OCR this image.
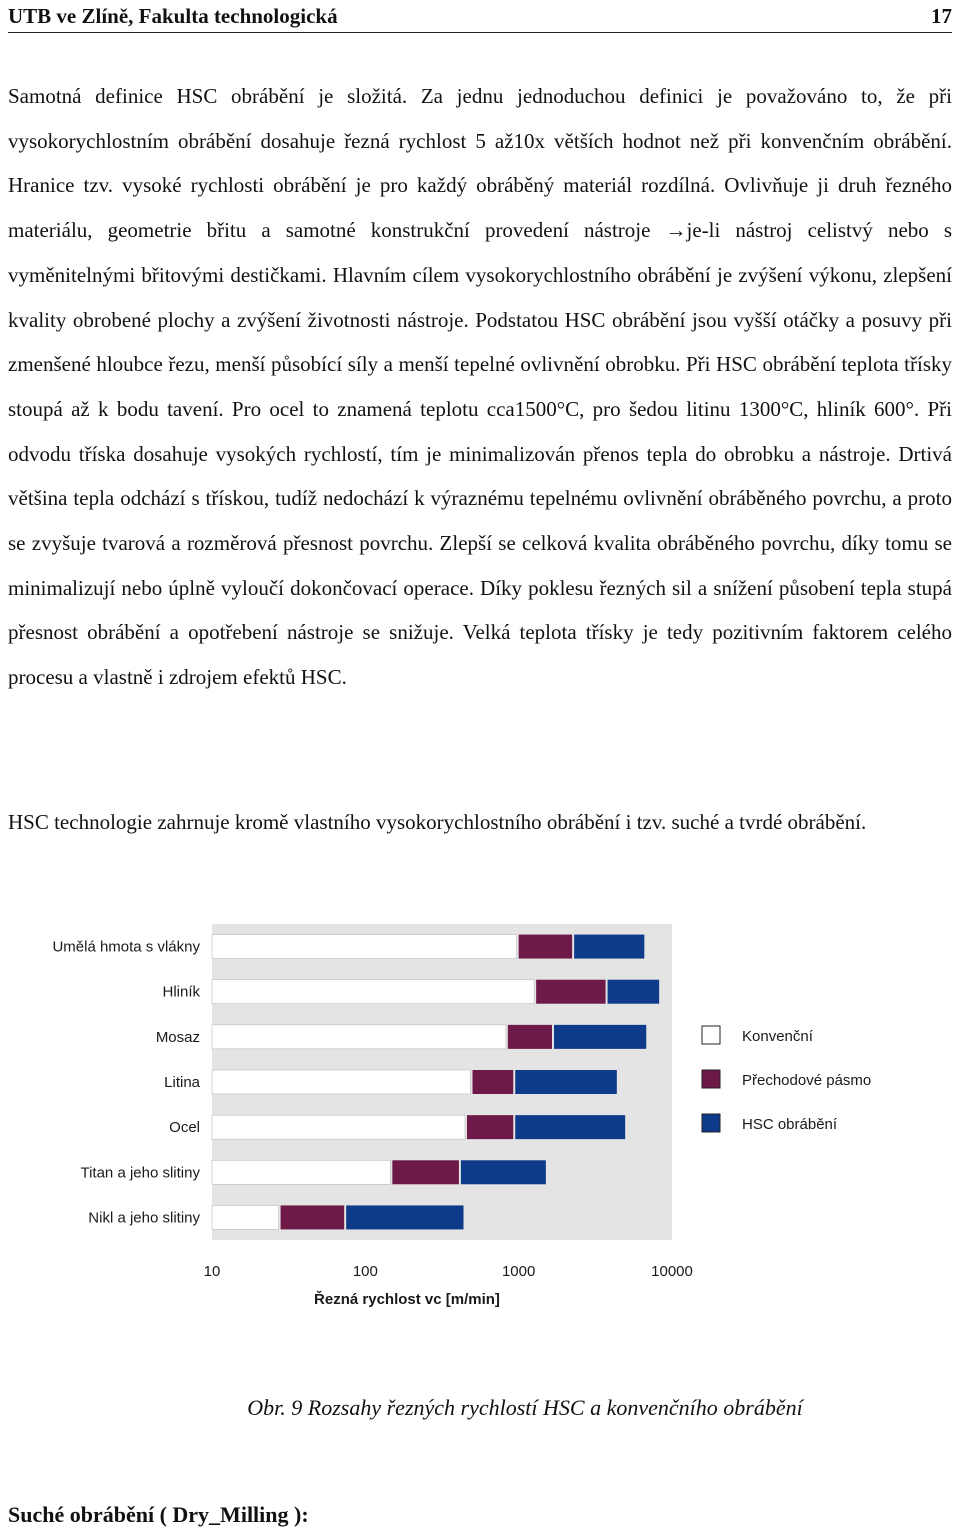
UTB ve Zlíně, Fakulta technologická	17

Samotná definice HSC obrábění je složitá. Za jednu jednoduchou definici je považováno to, že při vysokorychlostním obrábění dosahuje řezná rychlost 5 až10x větších hodnot než při konvenčním obrábění. Hranice tzv. vysoké rychlosti obrábění je pro každý obráběný materiál rozdílná. Ovlivňuje ji druh řezného materiálu, geometrie břitu a samotné konstrukční provedení nástroje →je-li nástroj celistvý nebo s vyměnitelnými břitovými destičkami. Hlavním cílem vysokorychlostního obrábění je zvýšení výkonu, zlepšení kvality obrobené plochy a zvýšení životnosti nástroje. Podstatou HSC obrábění jsou vyšší otáčky a posuvy při zmenšené hloubce řezu, menší působící síly a menší tepelné ovlivnění obrobku. Při HSC obrábění teplota třísky stoupá až k bodu tavení. Pro ocel to znamená teplotu cca1500°C, pro šedou litinu 1300°C, hliník 600°. Při odvodu tříska dosahuje vysokých rychlostí, tím je minimalizován přenos tepla do obrobku a nástroje. Drtivá většina tepla odchází s třískou, tudíž nedochází k výraznému tepelnému ovlivnění obráběného povrchu, a proto se zvyšuje tvarová a rozměrová přesnost povrchu. Zlepší se celková kvalita obráběného povrchu, díky tomu se minimalizují nebo úplně vyloučí dokončovací operace. Díky poklesu řezných sil a snížení působení tepla stupá přesnost obrábění a opotřebení nástroje se snižuje. Velká teplota třísky je tedy pozitivním faktorem celého procesu a vlastně i zdrojem efektů HSC.

HSC technologie zahrnuje kromě vlastního vysokorychlostního obrábění i tzv. suché a tvrdé obrábění.

Umělá hmota s vlákny
Hliník
Mosaz
Litina
Ocel
Titan a jeho slitiny
Nikl a jeho slitiny
10	100	1000	10000
Řezná rychlost vc [m/min]
Konvenční
Přechodové pásmo
HSC obrábění
Obr. 9 Rozsahy řezných rychlostí HSC a konvenčního obrábění
Suché obrábění ( Dry_Milling ):
